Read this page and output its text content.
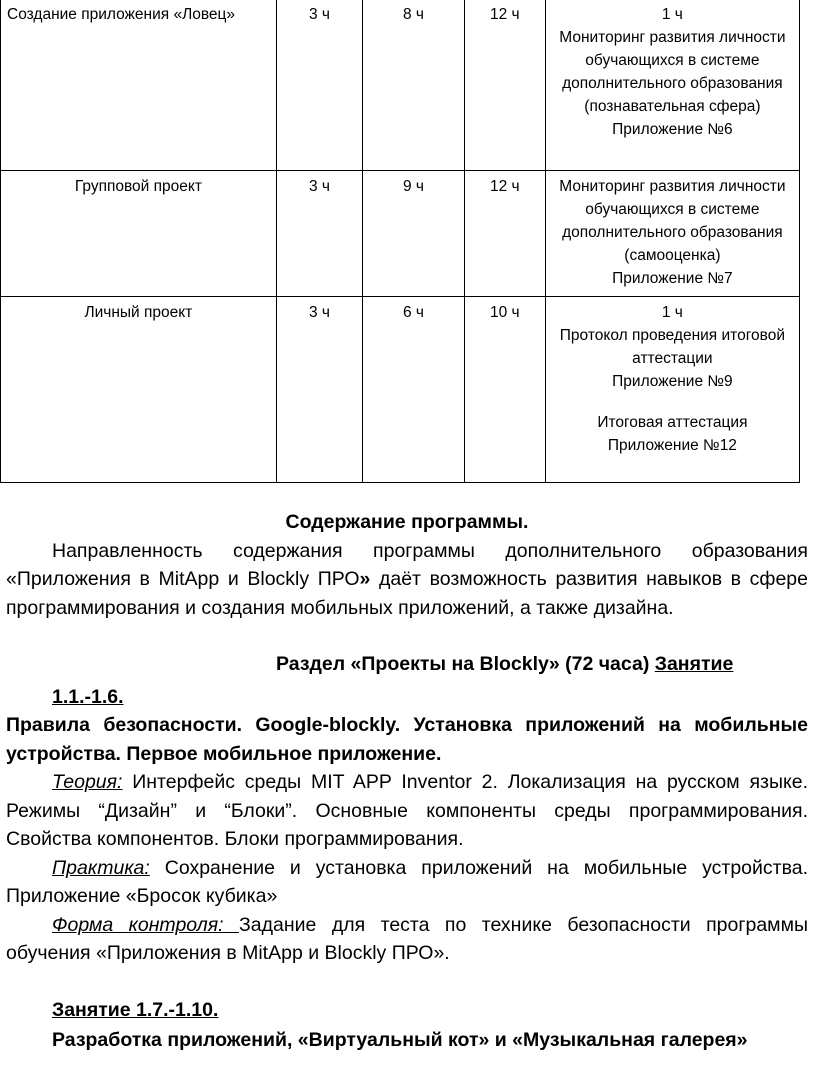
Создание приложения «Ловец»	3 ч	8 ч	12 ч	1 ч
Мониторинг развития личности обучающихся в системе дополнительного образования (познавательная сфера)
Приложение №6

Групповой проект	3 ч	9 ч	12 ч	Мониторинг развития личности обучающихся в системе дополнительного образования (самооценка)
Приложение №7

Личный проект	3 ч	6 ч	10 ч	1 ч
Протокол проведения итоговой аттестации
Приложение №9
Итоговая аттестация
Приложение №12

Содержание программы.

Направленность содержания программы дополнительного образования «Приложения в MitApp и Blockly ПРО» даёт возможность развития навыков в сфере программирования и создания мобильных приложений, а также дизайна.

Раздел «Проекты на Blockly» (72 часа) Занятие

1.1.-1.6.

Правила безопасности. Google-blockly. Установка приложений на мобильные устройства. Первое мобильное приложение.

Теория: Интерфейс среды MIT APP Inventor 2. Локализация на русском языке. Режимы “Дизайн” и “Блоки”. Основные компоненты среды программирования. Свойства компонентов. Блоки программирования.

Практика: Сохранение и установка приложений на мобильные устройства. Приложение «Бросок кубика»

Форма контроля: Задание для теста по технике безопасности программы обучения «Приложения в MitApp и Blockly ПРО».

Занятие 1.7.-1.10.

Разработка приложений, «Виртуальный кот» и «Музыкальная галерея»
